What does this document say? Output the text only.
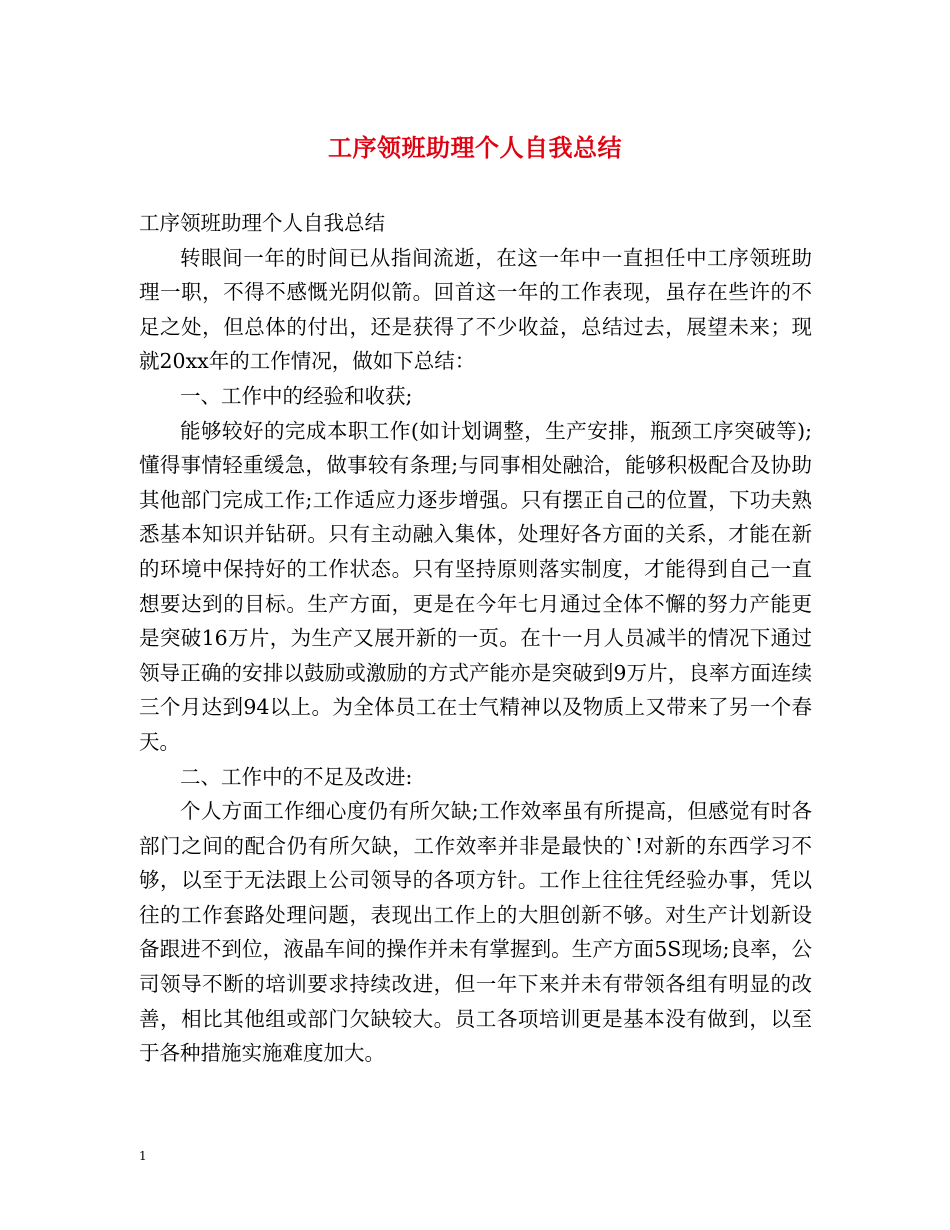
工序领班助理个人自我总结

工序领班助理个人自我总结

转眼间一年的时间已从指间流逝，在这一年中一直担任中工序领班助理一职，不得不感慨光阴似箭。回首这一年的工作表现，虽存在些许的不足之处，但总体的付出，还是获得了不少收益，总结过去，展望未来；现就20xx年的工作情况，做如下总结：

一、工作中的经验和收获;

能够较好的完成本职工作(如计划调整，生产安排，瓶颈工序突破等);懂得事情轻重缓急，做事较有条理;与同事相处融洽，能够积极配合及协助其他部门完成工作;工作适应力逐步增强。只有摆正自己的位置，下功夫熟悉基本知识并钻研。只有主动融入集体，处理好各方面的关系，才能在新的环境中保持好的工作状态。只有坚持原则落实制度，才能得到自己一直想要达到的目标。生产方面，更是在今年七月通过全体不懈的努力产能更是突破16万片，为生产又展开新的一页。在十一月人员减半的情况下通过领导正确的安排以鼓励或激励的方式产能亦是突破到9万片，良率方面连续三个月达到94以上。为全体员工在士气精神以及物质上又带来了另一个春天。

二、工作中的不足及改进:

个人方面工作细心度仍有所欠缺;工作效率虽有所提高，但感觉有时各部门之间的配合仍有所欠缺，工作效率并非是最快的`!对新的东西学习不够，以至于无法跟上公司领导的各项方针。工作上往往凭经验办事，凭以往的工作套路处理问题，表现出工作上的大胆创新不够。对生产计划新设备跟进不到位，液晶车间的操作并未有掌握到。生产方面5S现场;良率，公司领导不断的培训要求持续改进，但一年下来并未有带领各组有明显的改善，相比其他组或部门欠缺较大。员工各项培训更是基本没有做到，以至于各种措施实施难度加大。

1
